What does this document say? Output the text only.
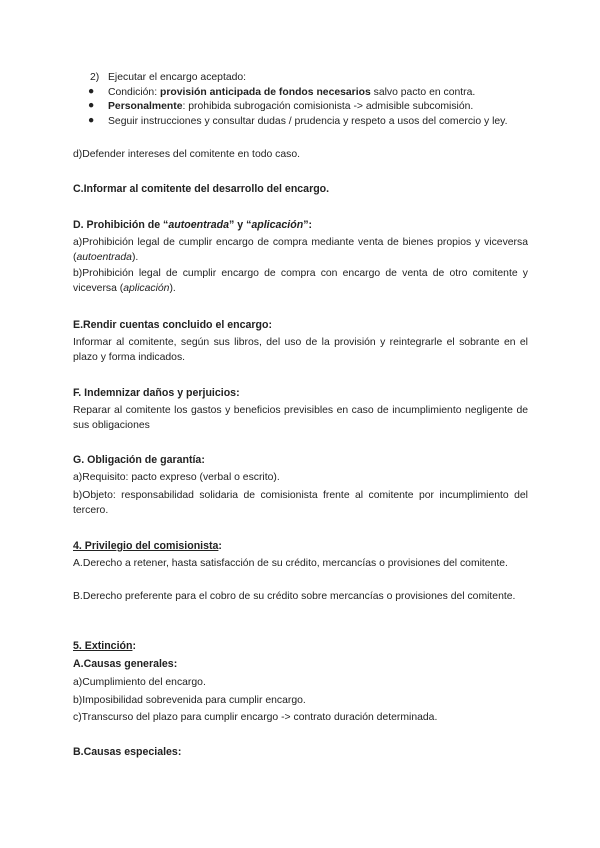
2) Ejecutar el encargo aceptado:
● Condición: provisión anticipada de fondos necesarios salvo pacto en contra.
● Personalmente: prohibida subrogación comisionista -> admisible subcomisión.
● Seguir instrucciones y consultar dudas / prudencia y respeto a usos del comercio y ley.
d)Defender intereses del comitente en todo caso.
C.Informar al comitente del desarrollo del encargo.
D. Prohibición de “autoentrada” y “aplicación”:
a)Prohibición legal de cumplir encargo de compra mediante venta de bienes propios y viceversa (autoentrada).
b)Prohibición legal de cumplir encargo de compra con encargo de venta de otro comitente y viceversa (aplicación).
E.Rendir cuentas concluido el encargo:
Informar al comitente, según sus libros, del uso de la provisión y reintegrarle el sobrante en el plazo y forma indicados.
F. Indemnizar daños y perjuicios:
Reparar al comitente los gastos y beneficios previsibles en caso de incumplimiento negligente de sus obligaciones
G. Obligación de garantía:
a)Requisito: pacto expreso (verbal o escrito).
b)Objeto: responsabilidad solidaria de comisionista frente al comitente por incumplimiento del tercero.
4. Privilegio del comisionista:
A.Derecho a retener, hasta satisfacción de su crédito, mercancías o provisiones del comitente.
B.Derecho preferente para el cobro de su crédito sobre mercancías o provisiones del comitente.
5. Extinción:
A.Causas generales:
a)Cumplimiento del encargo.
b)Imposibilidad sobrevenida para cumplir encargo.
c)Transcurso del plazo para cumplir encargo -> contrato duración determinada.
B.Causas especiales:
